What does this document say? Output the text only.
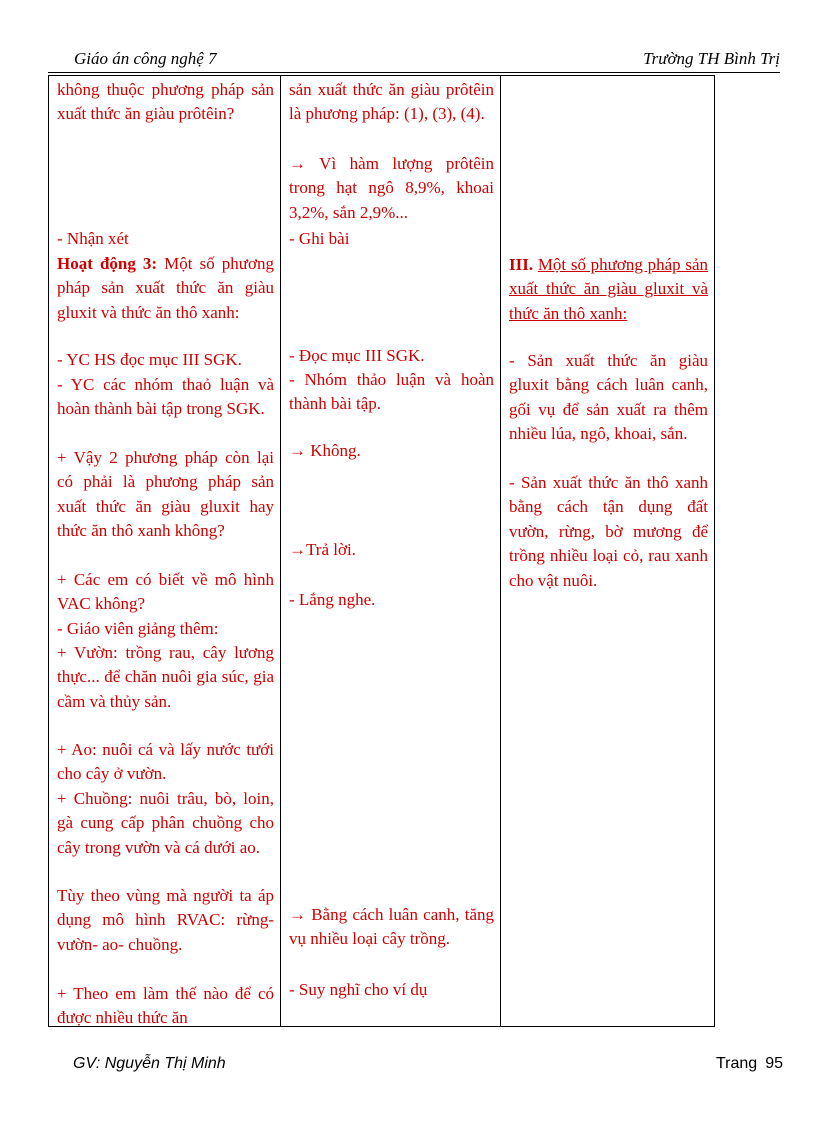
Giáo án công nghệ 7	Trường TH Bình Trị
không thuộc phương pháp sản xuất thức ăn giàu prôtêin?
- Nhận xét
Hoạt động 3: Một số phương pháp sản xuất thức ăn giàu gluxit và thức ăn thô xanh:
- YC HS đọc mục III SGK.
- YC các nhóm thaỏ luận và hoàn thành bài tập trong SGK.
+ Vậy 2 phương pháp còn lại có phải là phương pháp sản xuất thức ăn giàu gluxit hay thức ăn thô xanh không?
+ Các em có biết về mô hình VAC không?
- Giáo viên giảng thêm:
+ Vườn: trồng rau, cây lương thực... để chăn nuôi gia súc, gia cầm và thủy sản.
+ Ao: nuôi cá và lấy nước tưới cho cây ở vườn.
+ Chuồng: nuôi trâu, bò, loin, gà cung cấp phân chuồng cho cây trong vườn và cá dưới ao.
Tùy theo vùng mà người ta áp dụng mô hình RVAC: rừng- vườn- ao- chuồng.
+ Theo em làm thế nào để có được nhiều thức ăn
sản xuất thức ăn giàu prôtêin là phương pháp: (1), (3), (4).
→ Vì hàm lượng prôtêin trong hạt ngô 8,9%, khoai 3,2%, sắn 2,9%...
- Ghi bài
- Đọc mục III SGK.
- Nhóm thảo luận và hoàn thành bài tập.
→ Không.
→Trả lời.
- Lắng nghe.
→ Bằng cách luân canh, tăng vụ nhiều loại cây trồng.
- Suy nghĩ cho ví dụ
III. Một số phương pháp sản xuất thức ăn giàu gluxit và thức ăn thô xanh:
- Sản xuất thức ăn giàu gluxit bằng cách luân canh, gối vụ để sản xuất ra thêm nhiều lúa, ngô, khoai, sắn.
- Sản xuất thức ăn thô xanh bằng cách tận dụng đất vườn, rừng, bờ mương để trồng nhiều loại cỏ, rau xanh cho vật nuôi.
GV: Nguyễn Thị Minh	Trang 95
